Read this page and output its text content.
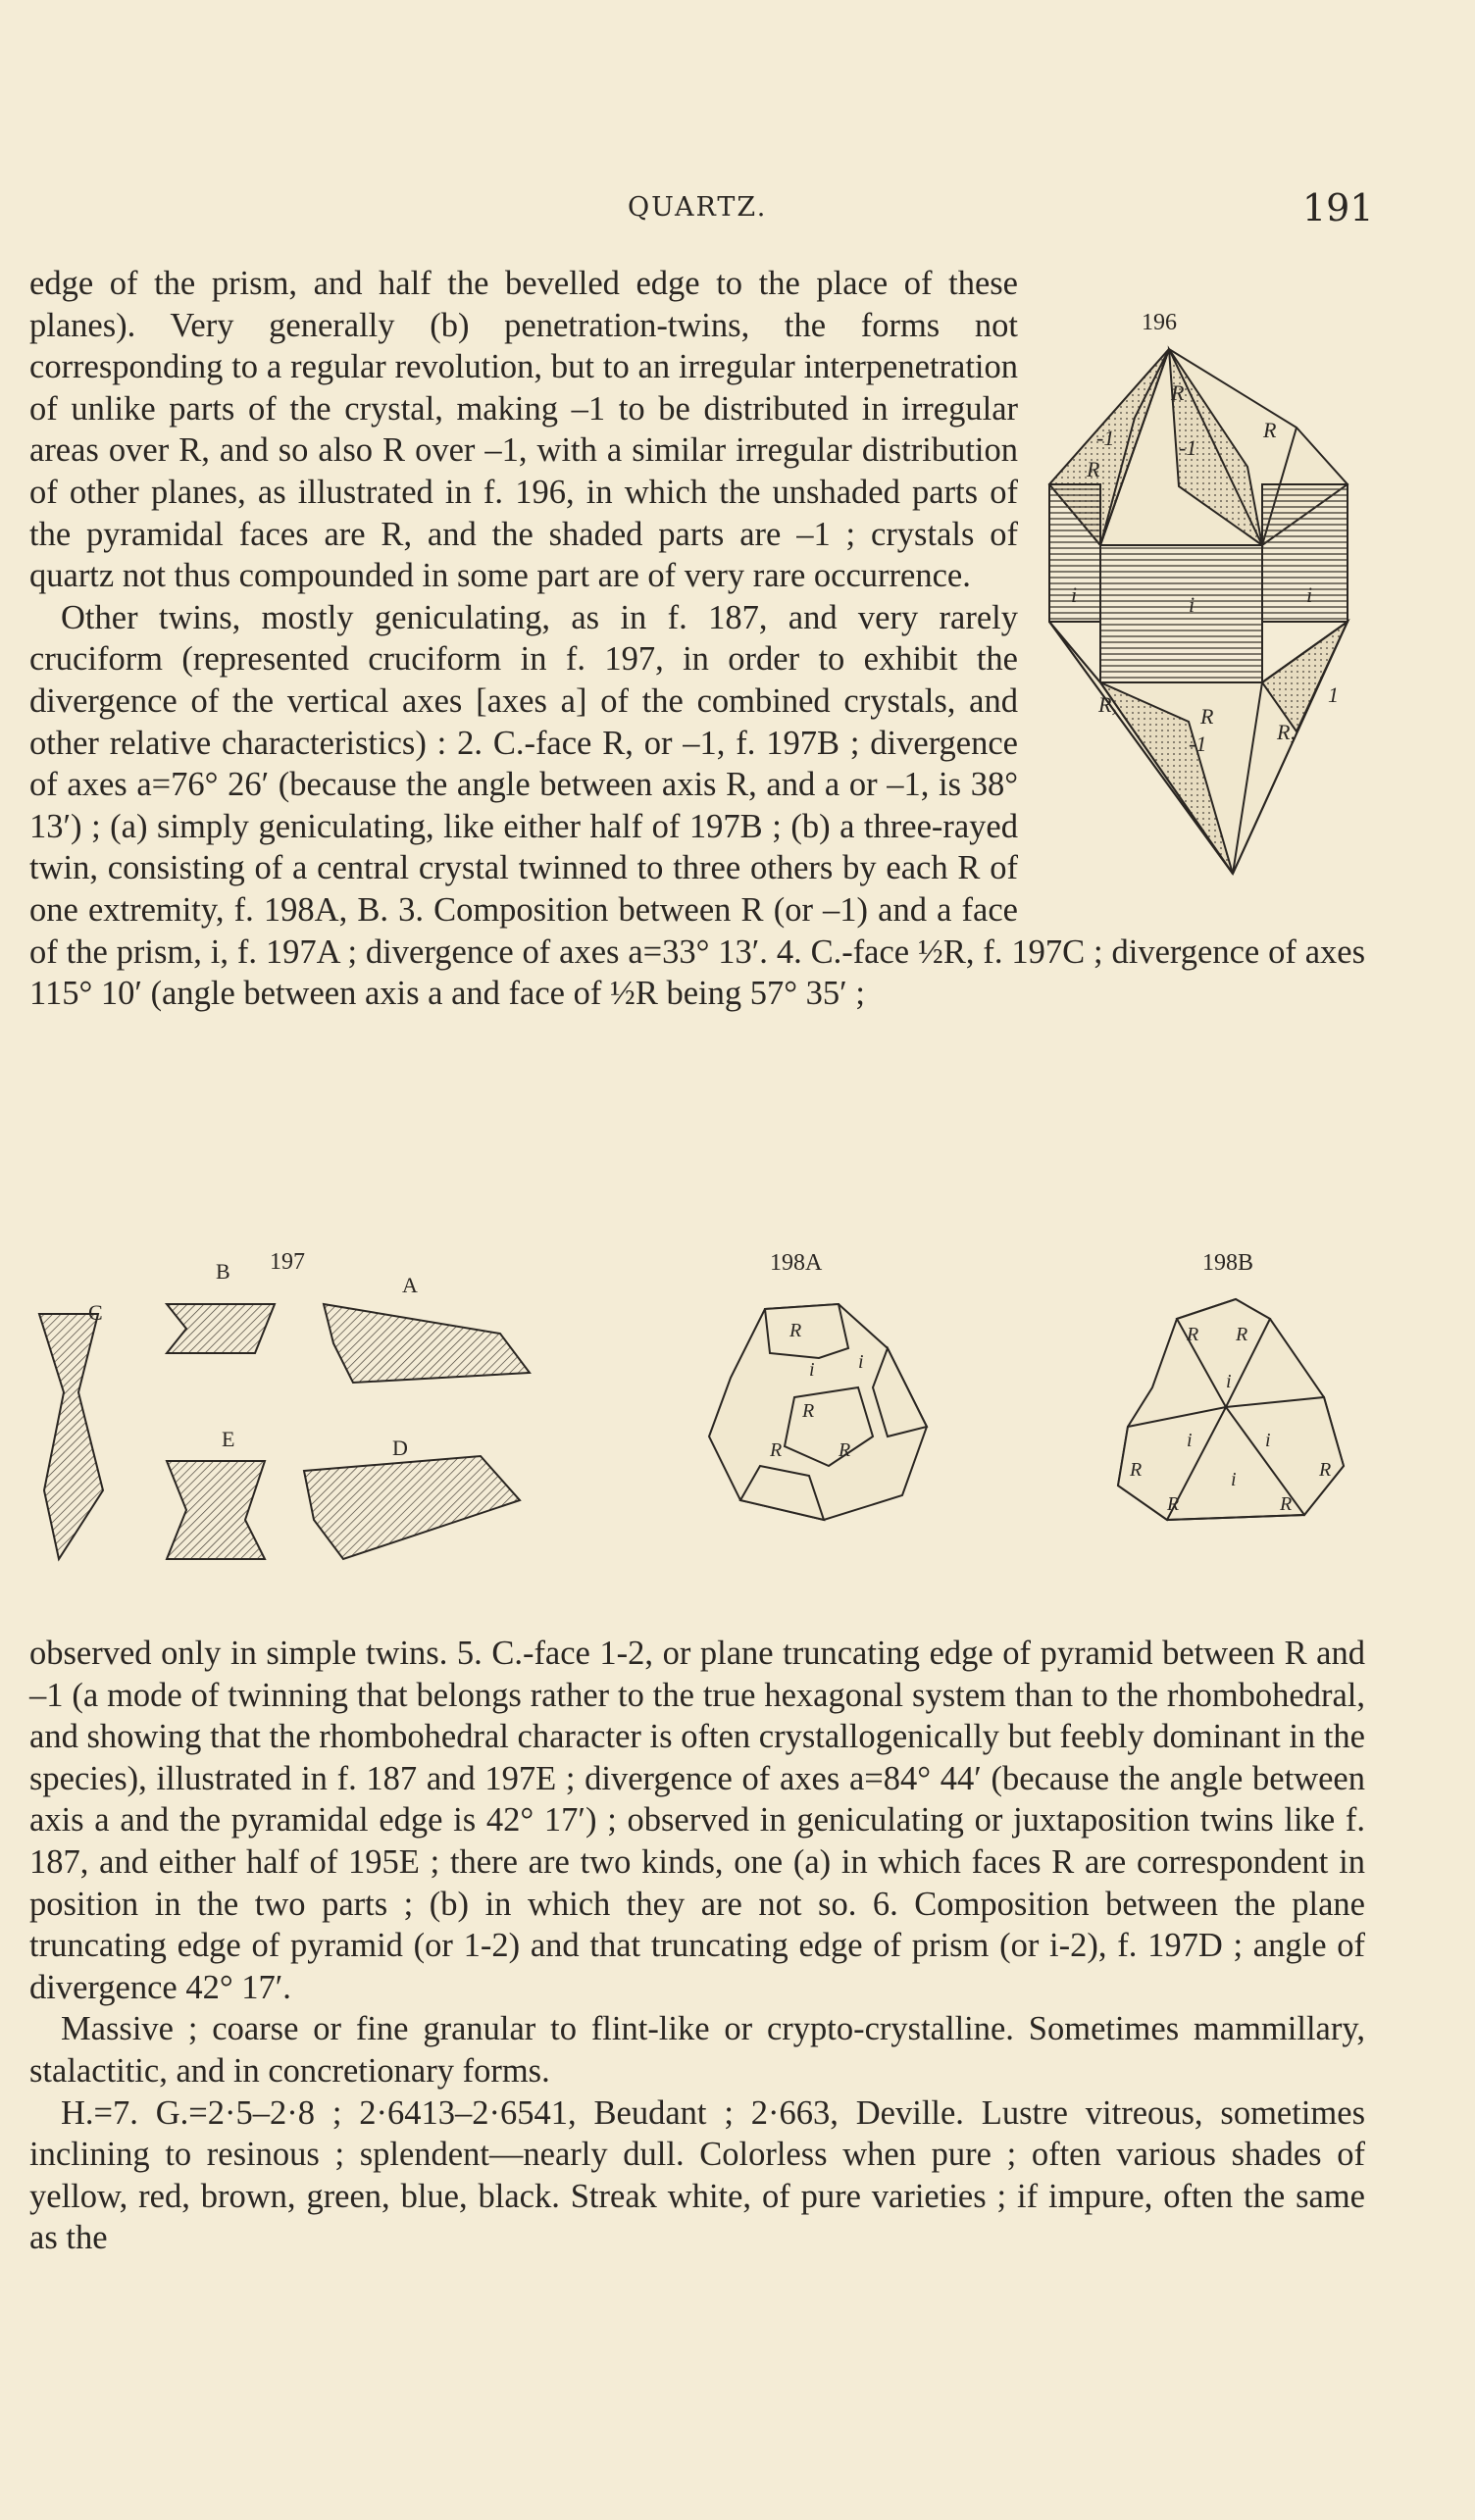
QUARTZ.	191
196
R
R
-1
-1
R
R,	R
R,
-1
1
i	i	i

edge of the prism, and half the bevelled edge to the place of these planes). Very generally (b) penetration-twins, the forms not corresponding to a regular revolution, but to an irregular interpenetration of unlike parts of the crystal, making –1 to be distributed in irregular areas over R, and so also R over –1, with a similar irregular distribution of other planes, as illustrated in f. 196, in which the unshaded parts of the pyramidal faces are R, and the shaded parts are –1 ; crystals of quartz not thus compounded in some part are of very rare occurrence.

Other twins, mostly geniculating, as in f. 187, and very rarely cruciform (represented cruciform in f. 197, in order to exhibit the divergence of the vertical axes [axes a] of the combined crystals, and other relative characteristics) : 2. C.-face R, or –1, f. 197B ; divergence of axes a=76° 26′ (because the angle between axis R, and a or –1, is 38° 13′) ; (a) simply geniculating, like either half of 197B ; (b) a three-rayed twin, consisting of a central crystal twinned to three others by each R of one extremity, f. 198A, B. 3. Composition between R (or –1) and a face of the prism, i, f. 197A ; divergence of axes a=33° 13′. 4. C.-face ½R, f. 197C ; divergence of axes 115° 10′ (angle between axis a and face of ½R being 57° 35′ ;

197
B
A
C
E	D
198A
R
R
R	R
i i
198B
R R
R	R
R	R
i
i	i
i

observed only in simple twins. 5. C.-face 1-2, or plane truncating edge of pyramid between R and –1 (a mode of twinning that belongs rather to the true hexagonal system than to the rhombohedral, and showing that the rhombohedral character is often crystallogenically but feebly dominant in the species), illustrated in f. 187 and 197E ; divergence of axes a=84° 44′ (because the angle between axis a and the pyramidal edge is 42° 17′) ; observed in geniculating or juxtaposition twins like f. 187, and either half of 195E ; there are two kinds, one (a) in which faces R are correspondent in position in the two parts ; (b) in which they are not so. 6. Composition between the plane truncating edge of pyramid (or 1-2) and that truncating edge of prism (or i-2), f. 197D ; angle of divergence 42° 17′.

Massive ; coarse or fine granular to flint-like or crypto-crystalline. Sometimes mammillary, stalactitic, and in concretionary forms.

H.=7. G.=2·5–2·8 ; 2·6413–2·6541, Beudant ; 2·663, Deville. Lustre vitreous, sometimes inclining to resinous ; splendent—nearly dull. Colorless when pure ; often various shades of yellow, red, brown, green, blue, black. Streak white, of pure varieties ; if impure, often the same as the
